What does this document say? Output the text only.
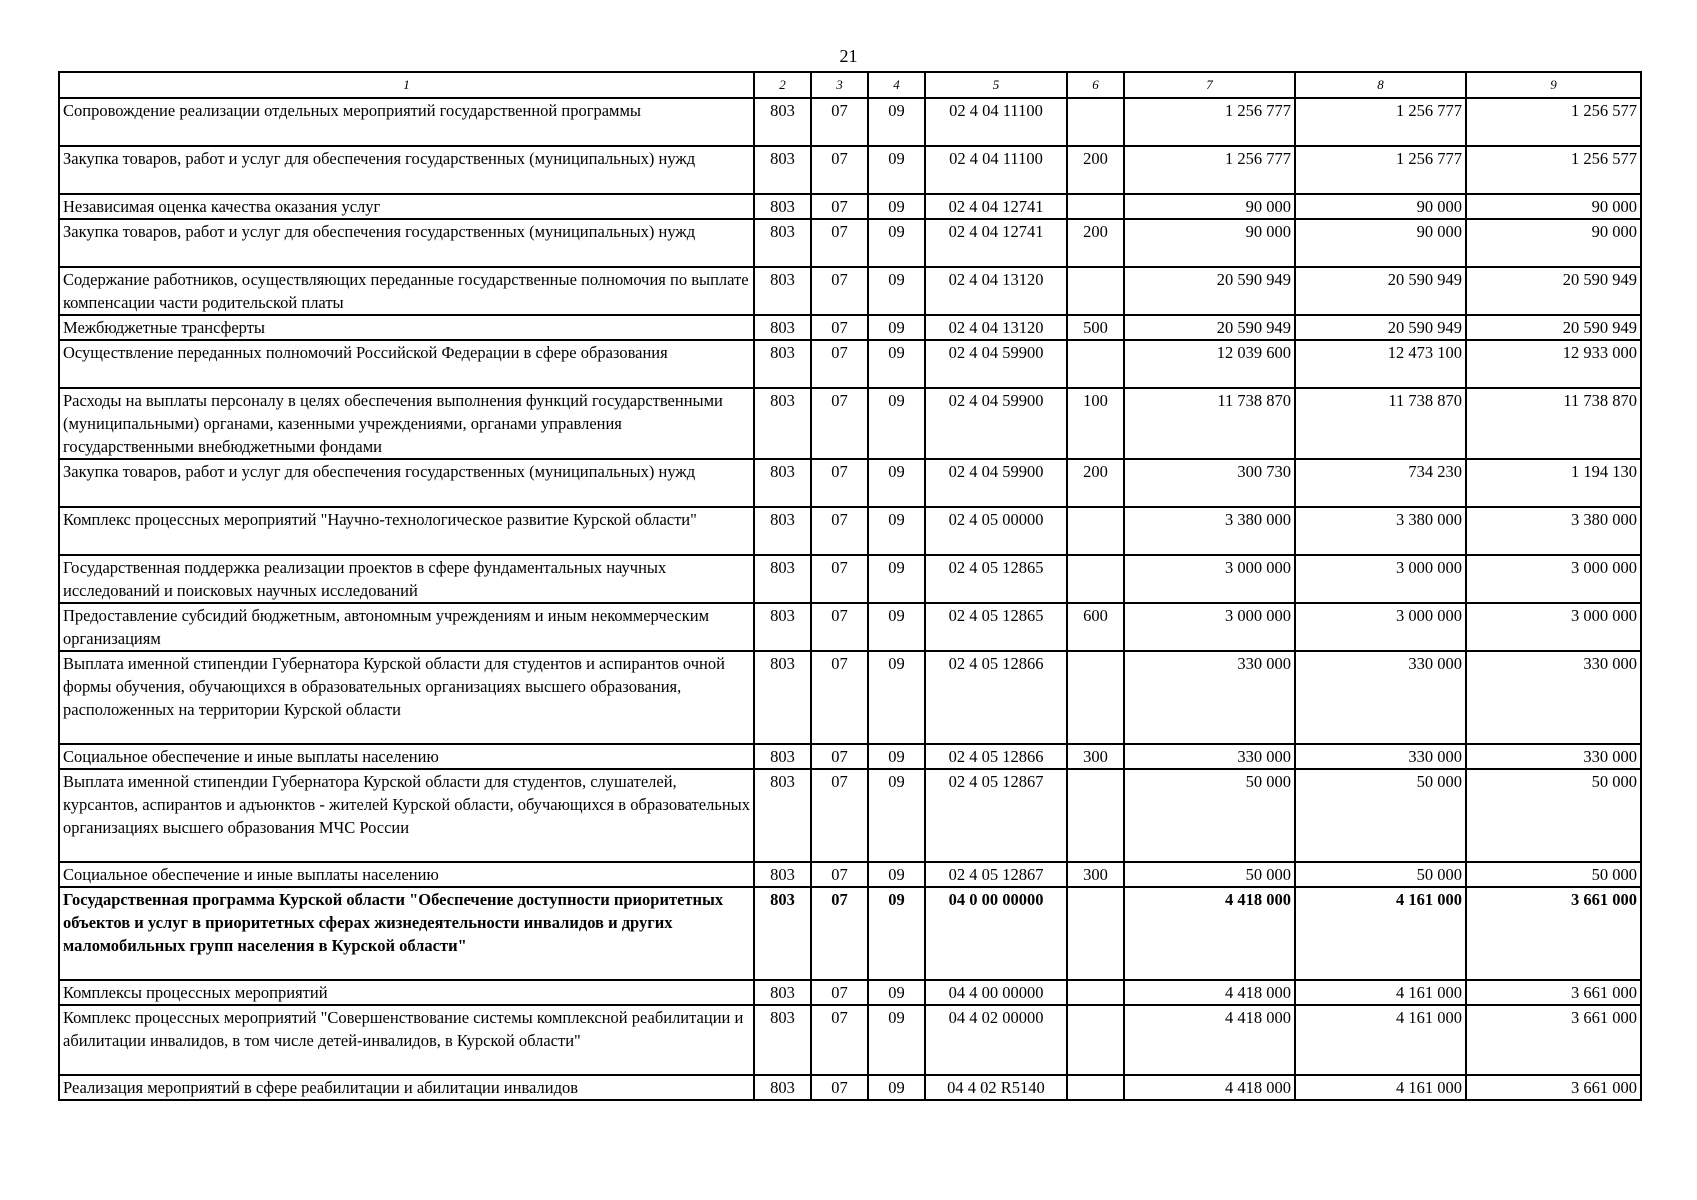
21
1	2	3	4	5	6	7	8	9
Сопровождение реализации отдельных мероприятий государственной программы	803	07	09	02 4 04 11100		1 256 777	1 256 777	1 256 577
Закупка товаров, работ и услуг для обеспечения государственных (муниципальных) нужд	803	07	09	02 4 04 11100	200	1 256 777	1 256 777	1 256 577
Независимая оценка качества оказания услуг	803	07	09	02 4 04 12741		90 000	90 000	90 000
Закупка товаров, работ и услуг для обеспечения государственных (муниципальных) нужд	803	07	09	02 4 04 12741	200	90 000	90 000	90 000
Содержание работников, осуществляющих переданные государственные полномочия по выплате компенсации части родительской платы	803	07	09	02 4 04 13120		20 590 949	20 590 949	20 590 949
Межбюджетные трансферты	803	07	09	02 4 04 13120	500	20 590 949	20 590 949	20 590 949
Осуществление переданных полномочий Российской Федерации в сфере образования	803	07	09	02 4 04 59900		12 039 600	12 473 100	12 933 000
Расходы на выплаты персоналу в целях обеспечения выполнения функций государственными (муниципальными) органами, казенными учреждениями, органами управления государственными внебюджетными фондами	803	07	09	02 4 04 59900	100	11 738 870	11 738 870	11 738 870
Закупка товаров, работ и услуг для обеспечения государственных (муниципальных) нужд	803	07	09	02 4 04 59900	200	300 730	734 230	1 194 130
Комплекс процессных мероприятий "Научно-технологическое развитие Курской области"	803	07	09	02 4 05 00000		3 380 000	3 380 000	3 380 000
Государственная поддержка реализации проектов в сфере фундаментальных научных исследований и поисковых научных исследований	803	07	09	02 4 05 12865		3 000 000	3 000 000	3 000 000
Предоставление субсидий бюджетным, автономным учреждениям и иным некоммерческим организациям	803	07	09	02 4 05 12865	600	3 000 000	3 000 000	3 000 000
Выплата именной стипендии Губернатора Курской области для студентов и аспирантов очной формы обучения, обучающихся в образовательных организациях высшего образования, расположенных на территории Курской области	803	07	09	02 4 05 12866		330 000	330 000	330 000
Социальное обеспечение и иные выплаты населению	803	07	09	02 4 05 12866	300	330 000	330 000	330 000
Выплата именной стипендии Губернатора Курской области для студентов, слушателей, курсантов, аспирантов и адъюнктов - жителей Курской области, обучающихся в образовательных организациях высшего образования МЧС России	803	07	09	02 4 05 12867		50 000	50 000	50 000
Социальное обеспечение и иные выплаты населению	803	07	09	02 4 05 12867	300	50 000	50 000	50 000
Государственная программа Курской области "Обеспечение доступности приоритетных объектов и услуг в приоритетных сферах жизнедеятельности инвалидов и других маломобильных групп населения в Курской области"	803	07	09	04 0 00 00000		4 418 000	4 161 000	3 661 000
Комплексы процессных мероприятий	803	07	09	04 4 00 00000		4 418 000	4 161 000	3 661 000
Комплекс процессных мероприятий "Совершенствование системы комплексной реабилитации и абилитации инвалидов, в том числе детей-инвалидов, в Курской области"	803	07	09	04 4 02 00000		4 418 000	4 161 000	3 661 000
Реализация мероприятий в сфере реабилитации и абилитации инвалидов	803	07	09	04 4 02 R5140		4 418 000	4 161 000	3 661 000
